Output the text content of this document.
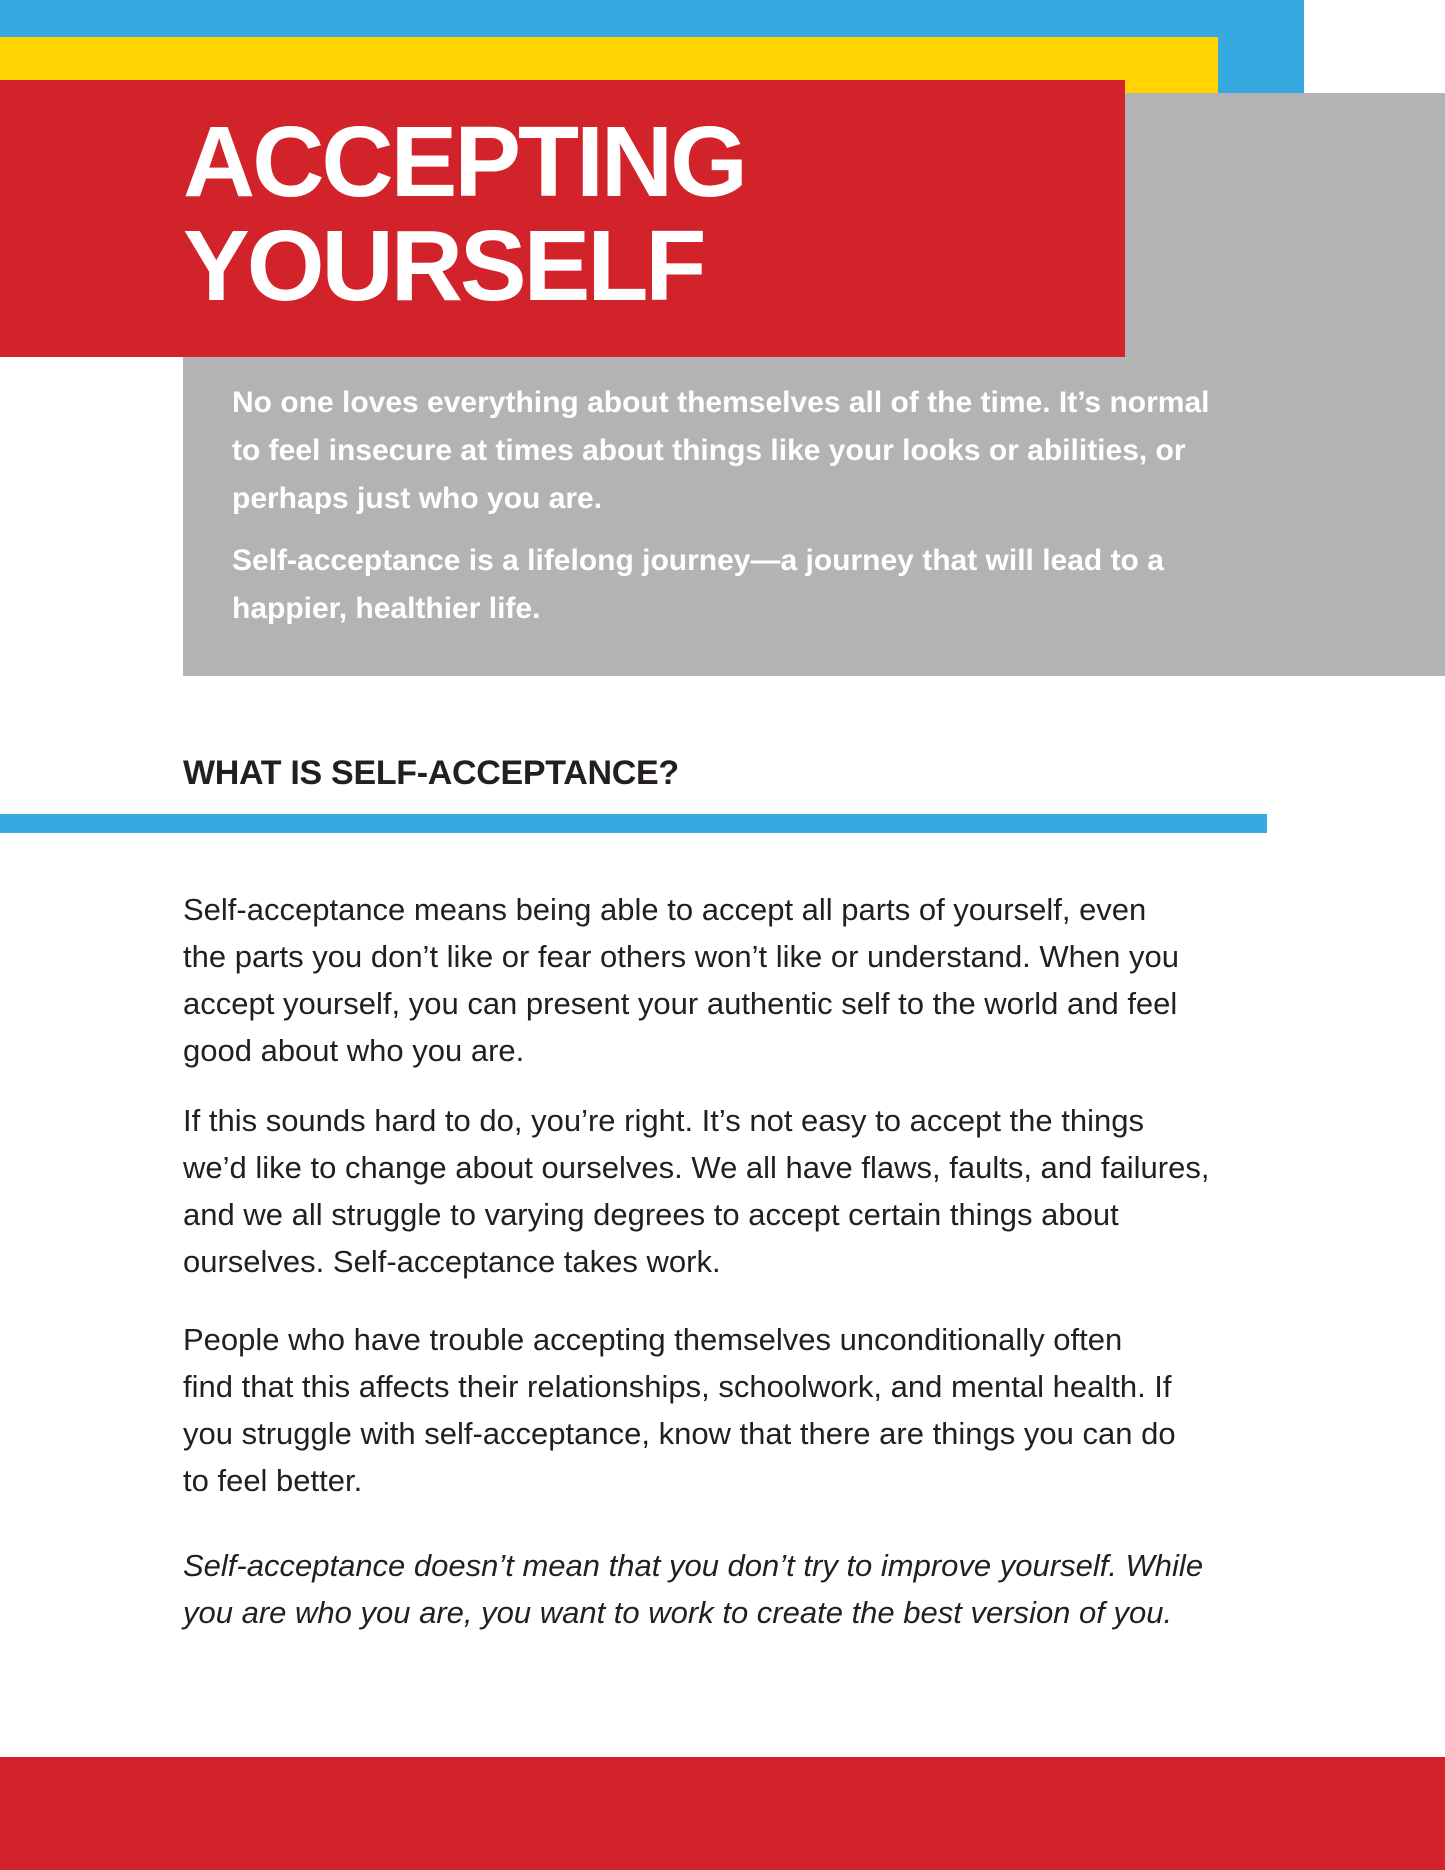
No one loves everything about themselves all of the time. It’s normal
to feel insecure at times about things like your looks or abilities, or
perhaps just who you are.

Self-acceptance is a lifelong journey—a journey that will lead to a
happier, healthier life.

ACCEPTING
YOURSELF
WHAT IS SELF-ACCEPTANCE?

Self-acceptance means being able to accept all parts of yourself, even
the parts you don’t like or fear others won’t like or understand. When you
accept yourself, you can present your authentic self to the world and feel
good about who you are.

If this sounds hard to do, you’re right. It’s not easy to accept the things
we’d like to change about ourselves. We all have flaws, faults, and failures,
and we all struggle to varying degrees to accept certain things about
ourselves. Self-acceptance takes work.

People who have trouble accepting themselves unconditionally often
find that this affects their relationships, schoolwork, and mental health. If
you struggle with self-acceptance, know that there are things you can do
to feel better.

Self-acceptance doesn’t mean that you don’t try to improve yourself. While
you are who you are, you want to work to create the best version of you.
